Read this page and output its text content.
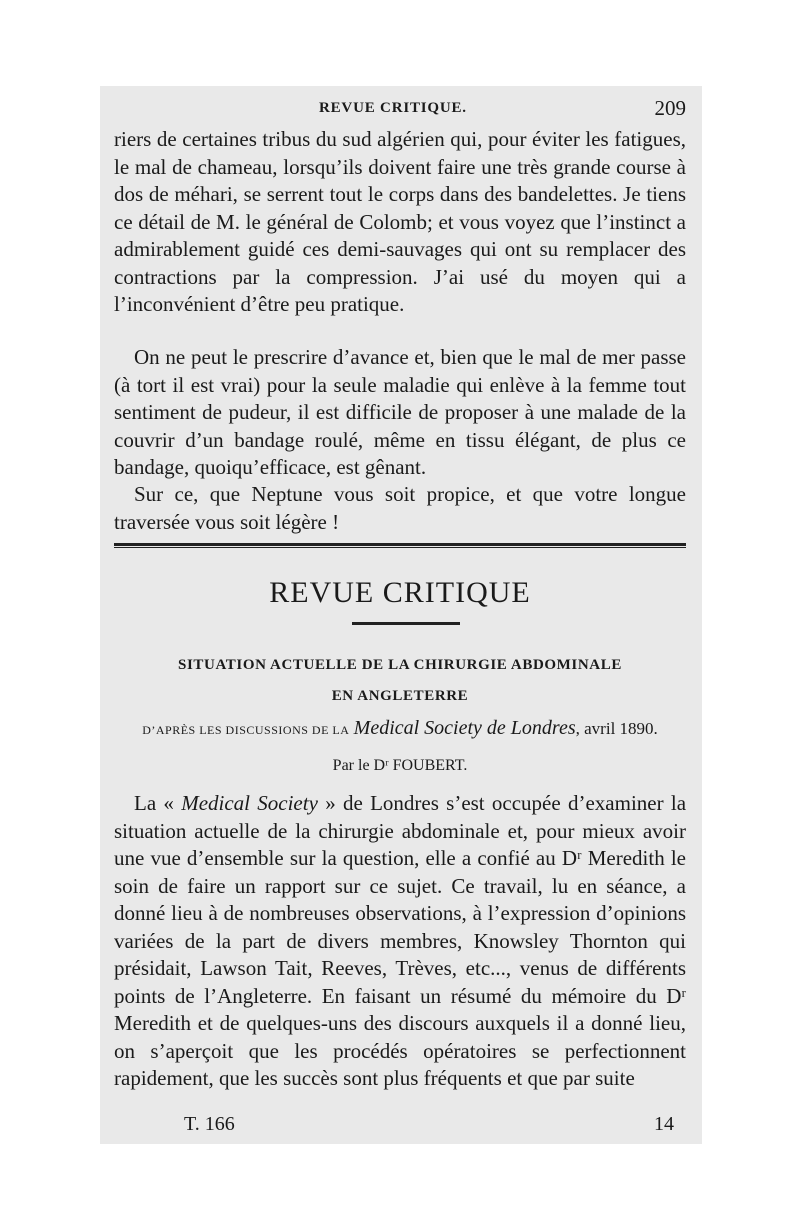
REVUE CRITIQUE.	209
riers de certaines tribus du sud algérien qui, pour éviter les fatigues, le mal de chameau, lorsqu’ils doivent faire une très grande course à dos de méhari, se serrent tout le corps dans des bandelettes. Je tiens ce détail de M. le général de Colomb; et vous voyez que l’instinct a admirablement guidé ces demi-sauvages qui ont su remplacer des contractions par la compression. J’ai usé du moyen qui a l’inconvénient d’être peu pratique.
On ne peut le prescrire d’avance et, bien que le mal de mer passe (à tort il est vrai) pour la seule maladie qui enlève à la femme tout sentiment de pudeur, il est difficile de proposer à une malade de la couvrir d’un bandage roulé, même en tissu élégant, de plus ce bandage, quoiqu’efficace, est gênant.
Sur ce, que Neptune vous soit propice, et que votre longue traversée vous soit légère !
REVUE CRITIQUE
SITUATION ACTUELLE DE LA CHIRURGIE ABDOMINALE
EN ANGLETERRE
D’APRÈS LES DISCUSSIONS DE LA Medical Society de Londres, avril 1890.
Par le Dʳ FOUBERT.
La « Medical Society » de Londres s’est occupée d’examiner la situation actuelle de la chirurgie abdominale et, pour mieux avoir une vue d’ensemble sur la question, elle a confié au Dʳ Meredith le soin de faire un rapport sur ce sujet. Ce travail, lu en séance, a donné lieu à de nombreuses observations, à l’expression d’opinions variées de la part de divers membres, Knowsley Thornton qui présidait, Lawson Tait, Reeves, Trèves, etc..., venus de différents points de l’Angleterre. En faisant un résumé du mémoire du Dʳ Meredith et de quelques-uns des discours auxquels il a donné lieu, on s’aperçoit que les procédés opératoires se perfectionnent rapidement, que les succès sont plus fréquents et que par suite
T. 166	14
